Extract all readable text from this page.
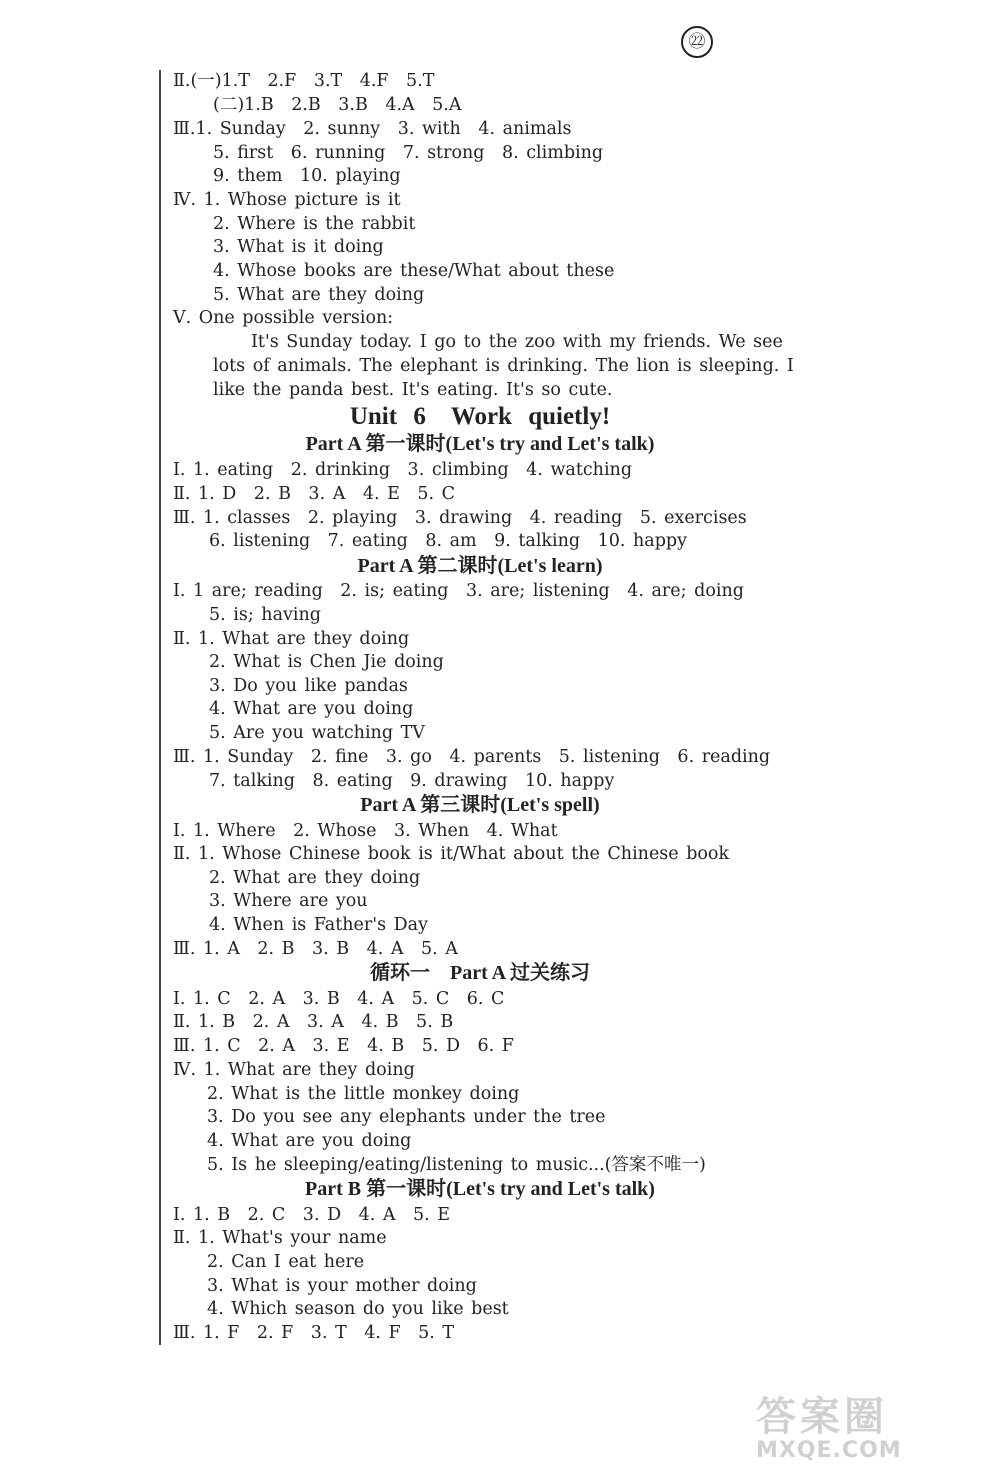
㉒
Ⅱ.(一)1.T　2.F　3.T　4.F　5.T
(二)1.B　2.B　3.B　4.A　5.A
Ⅲ.1. Sunday　2. sunny　3. with　4. animals
5. first　6. running　7. strong　8. climbing
9. them　10. playing
Ⅳ. 1. Whose picture is it
2. Where is the rabbit
3. What is it doing
4. Whose books are these/What about these
5. What are they doing
Ⅴ. One possible version:
It's Sunday today. I go to the zoo with my friends. We see
lots of animals. The elephant is drinking. The lion is sleeping. I
like the panda best. It's eating. It's so cute.
Ⅰ. 1. eating　2. drinking　3. climbing　4. watching
Ⅱ. 1. D　2. B　3. A　4. E　5. C
Ⅲ. 1. classes　2. playing　3. drawing　4. reading　5. exercises
6. listening　7. eating　8. am　9. talking　10. happy
Ⅰ. 1 are; reading　2. is; eating　3. are; listening　4. are; doing
5. is; having
Ⅱ. 1. What are they doing
2. What is Chen Jie doing
3. Do you like pandas
4. What are you doing
5. Are you watching TV
Ⅲ. 1. Sunday　2. fine　3. go　4. parents　5. listening　6. reading
7. talking　8. eating　9. drawing　10. happy
Ⅰ. 1. Where　2. Whose　3. When　4. What
Ⅱ. 1. Whose Chinese book is it/What about the Chinese book
2. What are they doing
3. Where are you
4. When is Father's Day
Ⅲ. 1. A　2. B　3. B　4. A　5. A
Ⅰ. 1. C　2. A　3. B　4. A　5. C　6. C
Ⅱ. 1. B　2. A　3. A　4. B　5. B
Ⅲ. 1. C　2. A　3. E　4. B　5. D　6. F
Ⅳ. 1. What are they doing
2. What is the little monkey doing
3. Do you see any elephants under the tree
4. What are you doing
5. Is he sleeping/eating/listening to music...(答案不唯一)
Ⅰ. 1. B　2. C　3. D　4. A　5. E
Ⅱ. 1. What's your name
2. Can I eat here
3. What is your mother doing
4. Which season do you like best
Ⅲ. 1. F　2. F　3. T　4. F　5. T
Unit 6　Work quietly!
Part A 第一课时(Let's try and Let's talk)
Part A 第二课时(Let's learn)
Part A 第三课时(Let's spell)
循环一　Part A 过关练习
Part B 第一课时(Let's try and Let's talk)
答案圈
MXQE.COM
